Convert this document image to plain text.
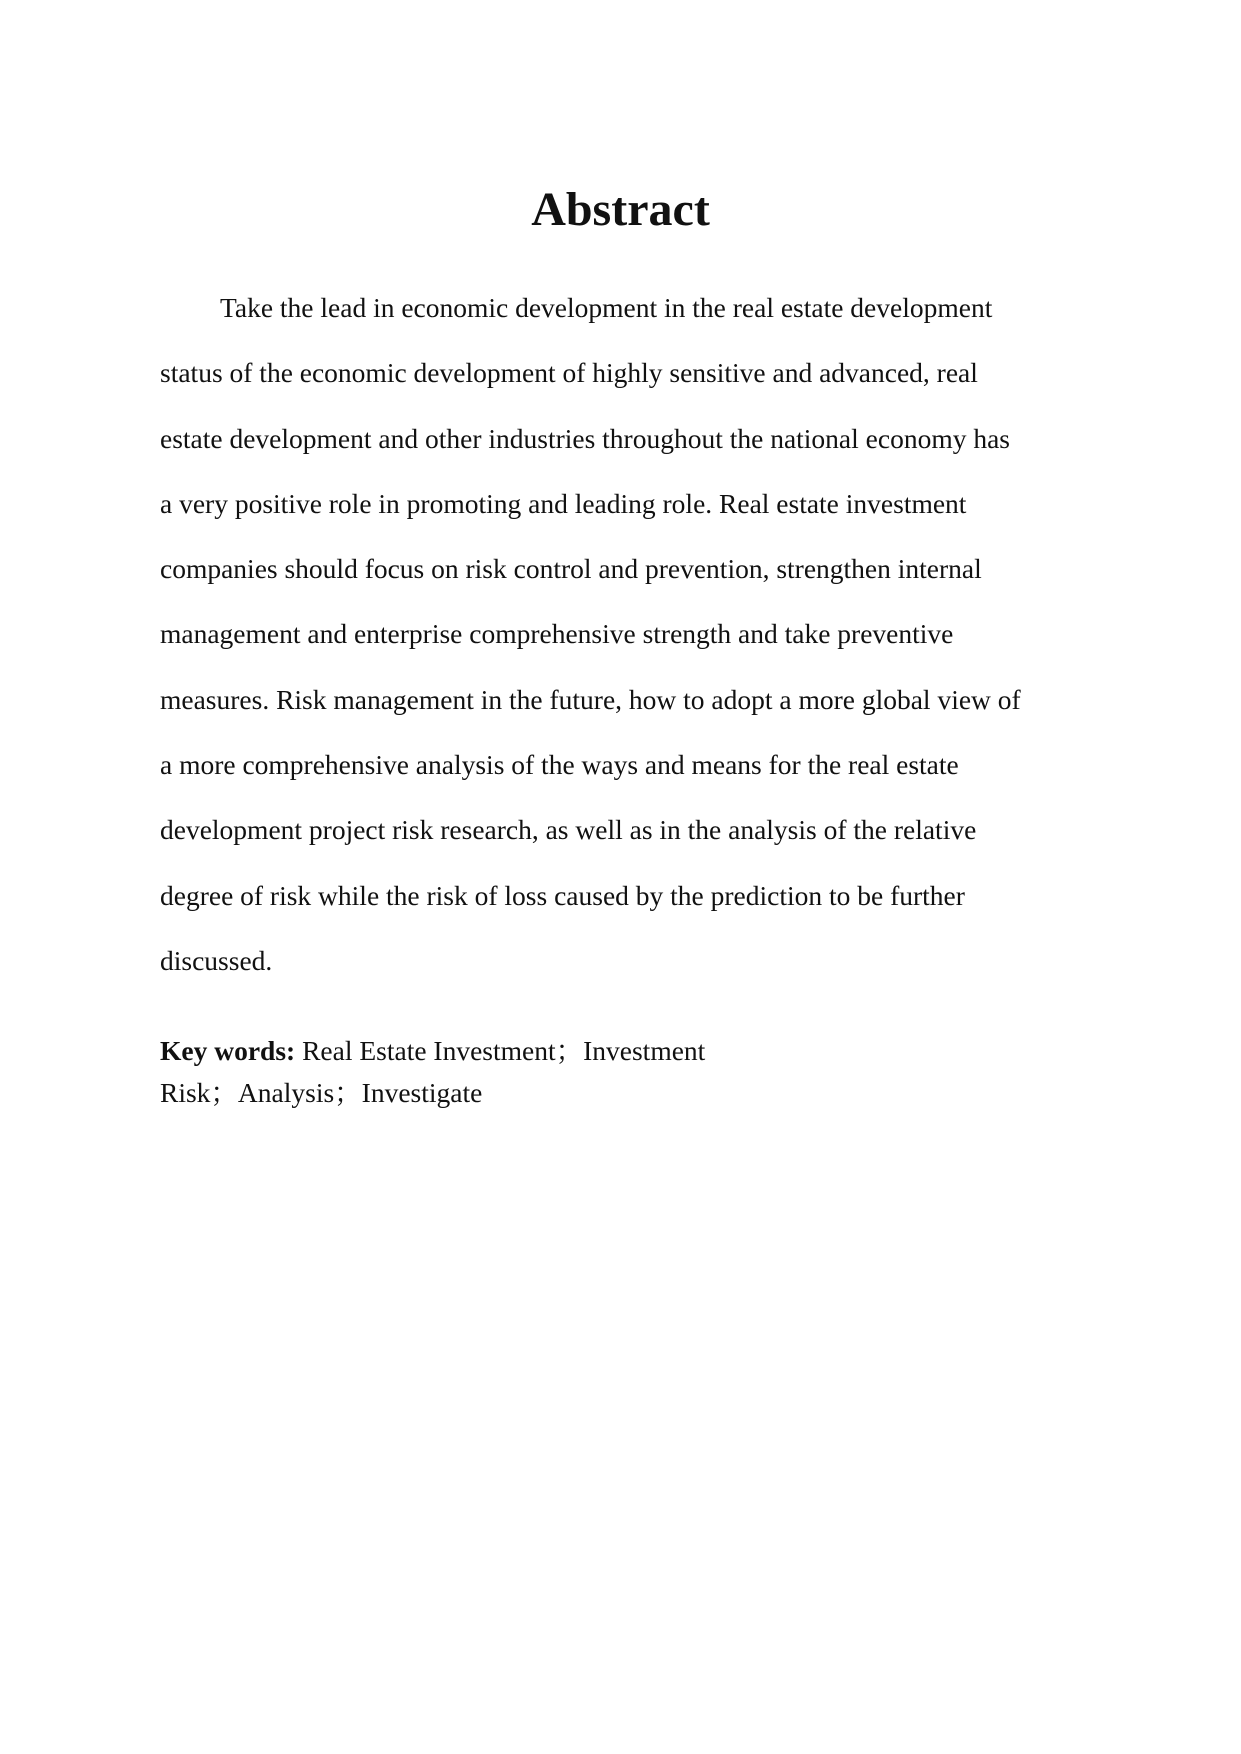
Abstract
Take the lead in economic development in the real estate development
status of the economic development of highly sensitive and advanced, real
estate development and other industries throughout the national economy has
a very positive role in promoting and leading role. Real estate investment
companies should focus on risk control and prevention, strengthen internal
management and enterprise comprehensive strength and take preventive
measures. Risk management in the future, how to adopt a more global view of
a more comprehensive analysis of the ways and means for the real estate
development project risk research, as well as in the analysis of the relative
degree of risk while the risk of loss caused by the prediction to be further
discussed.
Key words: Real Estate Investment；Investment
Risk；Analysis；Investigate
